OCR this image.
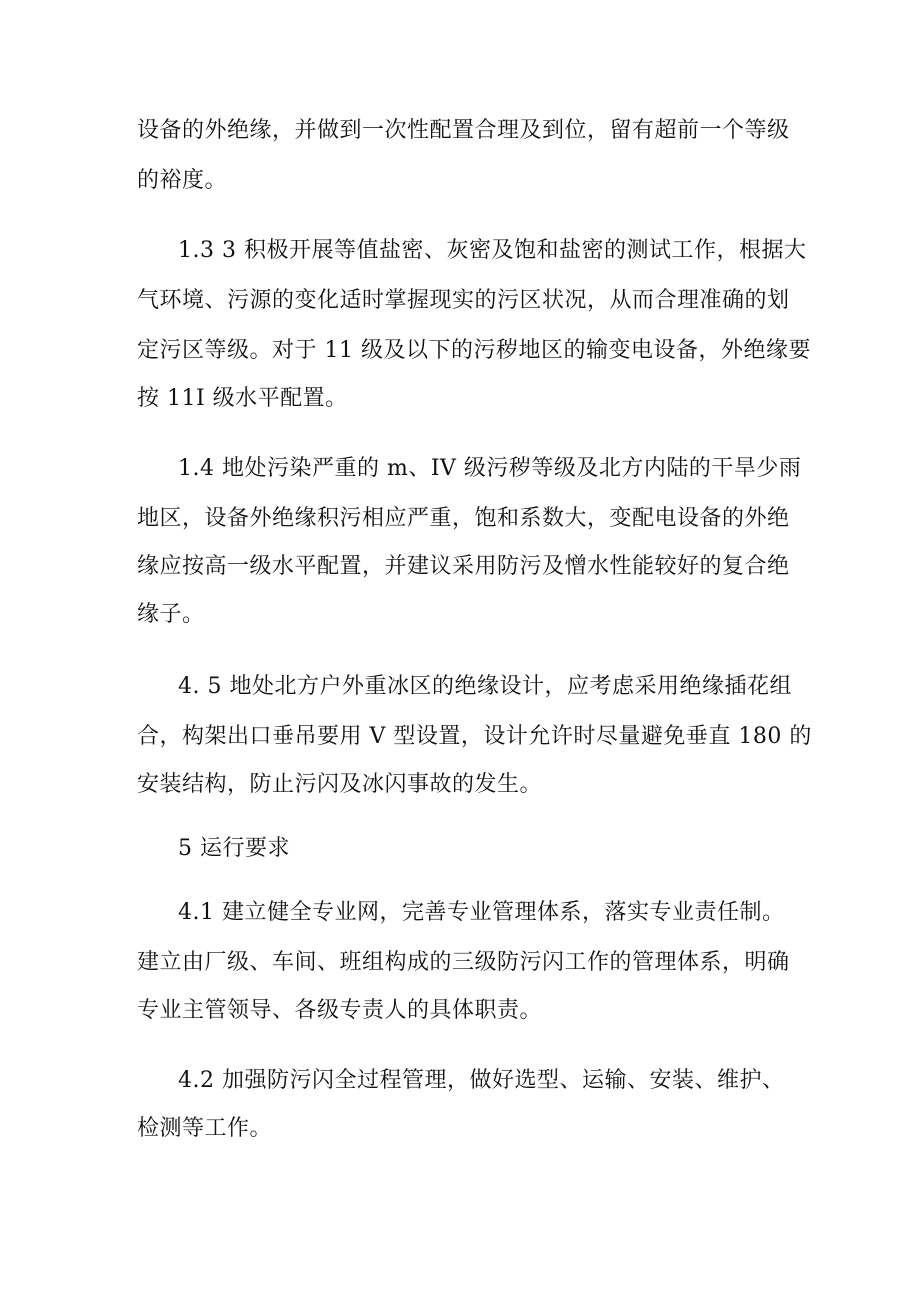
设备的外绝缘，并做到一次性配置合理及到位，留有超前一个等级
的裕度。
1.3 3 积极开展等值盐密、灰密及饱和盐密的测试工作，根据大
气环境、污源的变化适时掌握现实的污区状况，从而合理准确的划
定污区等级。对于 11 级及以下的污秽地区的输变电设备，外绝缘要
按 11I 级水平配置。
1.4 地处污染严重的 m、IV 级污秽等级及北方内陆的干旱少雨
地区，设备外绝缘积污相应严重，饱和系数大，变配电设备的外绝
缘应按高一级水平配置，并建议采用防污及憎水性能较好的复合绝
缘子。
4. 5 地处北方户外重冰区的绝缘设计，应考虑采用绝缘插花组
合，构架出口垂吊要用 V 型设置，设计允许时尽量避免垂直 180 的
安装结构，防止污闪及冰闪事故的发生。
5 运行要求
4.1 建立健全专业网，完善专业管理体系，落实专业责任制。
建立由厂级、车间、班组构成的三级防污闪工作的管理体系，明确
专业主管领导、各级专责人的具体职责。
4.2 加强防污闪全过程管理，做好选型、运输、安装、维护、
检测等工作。
